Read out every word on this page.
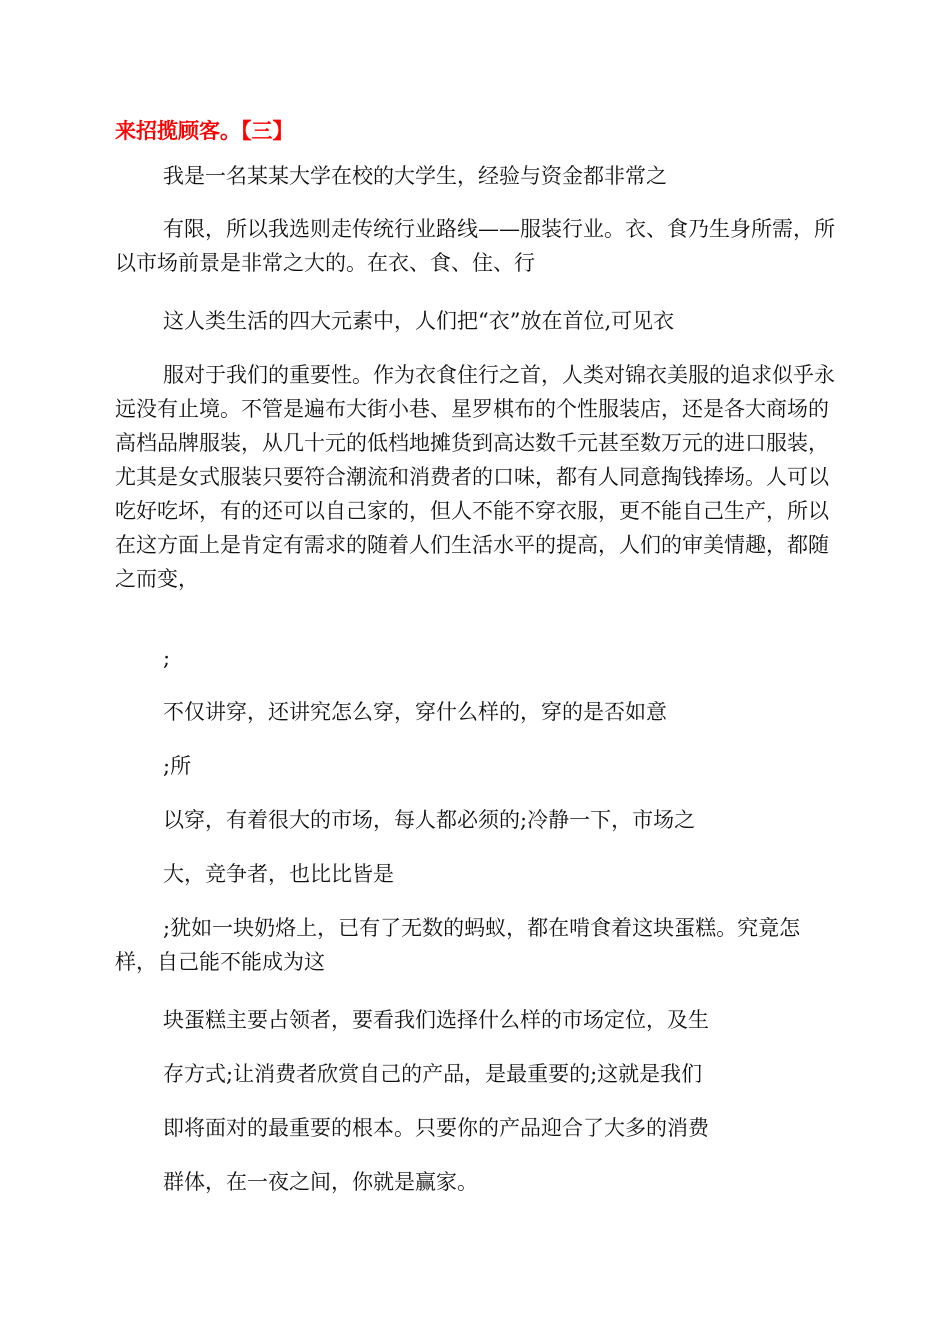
来招揽顾客。【三】

我是一名某某大学在校的大学生，经验与资金都非常之

有限，所以我选则走传统行业路线——服装行业。衣、食乃生身所需，所以市场前景是非常之大的。在衣、食、住、行

这人类生活的四大元素中，人们把“衣”放在首位,可见衣

服对于我们的重要性。作为衣食住行之首，人类对锦衣美服的追求似乎永远没有止境。不管是遍布大街小巷、星罗棋布的个性服装店，还是各大商场的高档品牌服装，从几十元的低档地摊货到高达数千元甚至数万元的进口服装，尤其是女式服装只要符合潮流和消费者的口味，都有人同意掏钱捧场。人可以吃好吃坏，有的还可以自己家的，但人不能不穿衣服，更不能自己生产，所以在这方面上是肯定有需求的随着人们生活水平的提高，人们的审美情趣，都随之而变，

;

不仅讲穿，还讲究怎么穿，穿什么样的，穿的是否如意

;所

以穿，有着很大的市场，每人都必须的;冷静一下，市场之

大，竞争者，也比比皆是

;犹如一块奶烙上，已有了无数的蚂蚁，都在啃食着这块蛋糕。究竟怎样，自己能不能成为这

块蛋糕主要占领者，要看我们选择什么样的市场定位，及生

存方式;让消费者欣赏自己的产品，是最重要的;这就是我们

即将面对的最重要的根本。只要你的产品迎合了大多的消费

群体，在一夜之间，你就是赢家。
